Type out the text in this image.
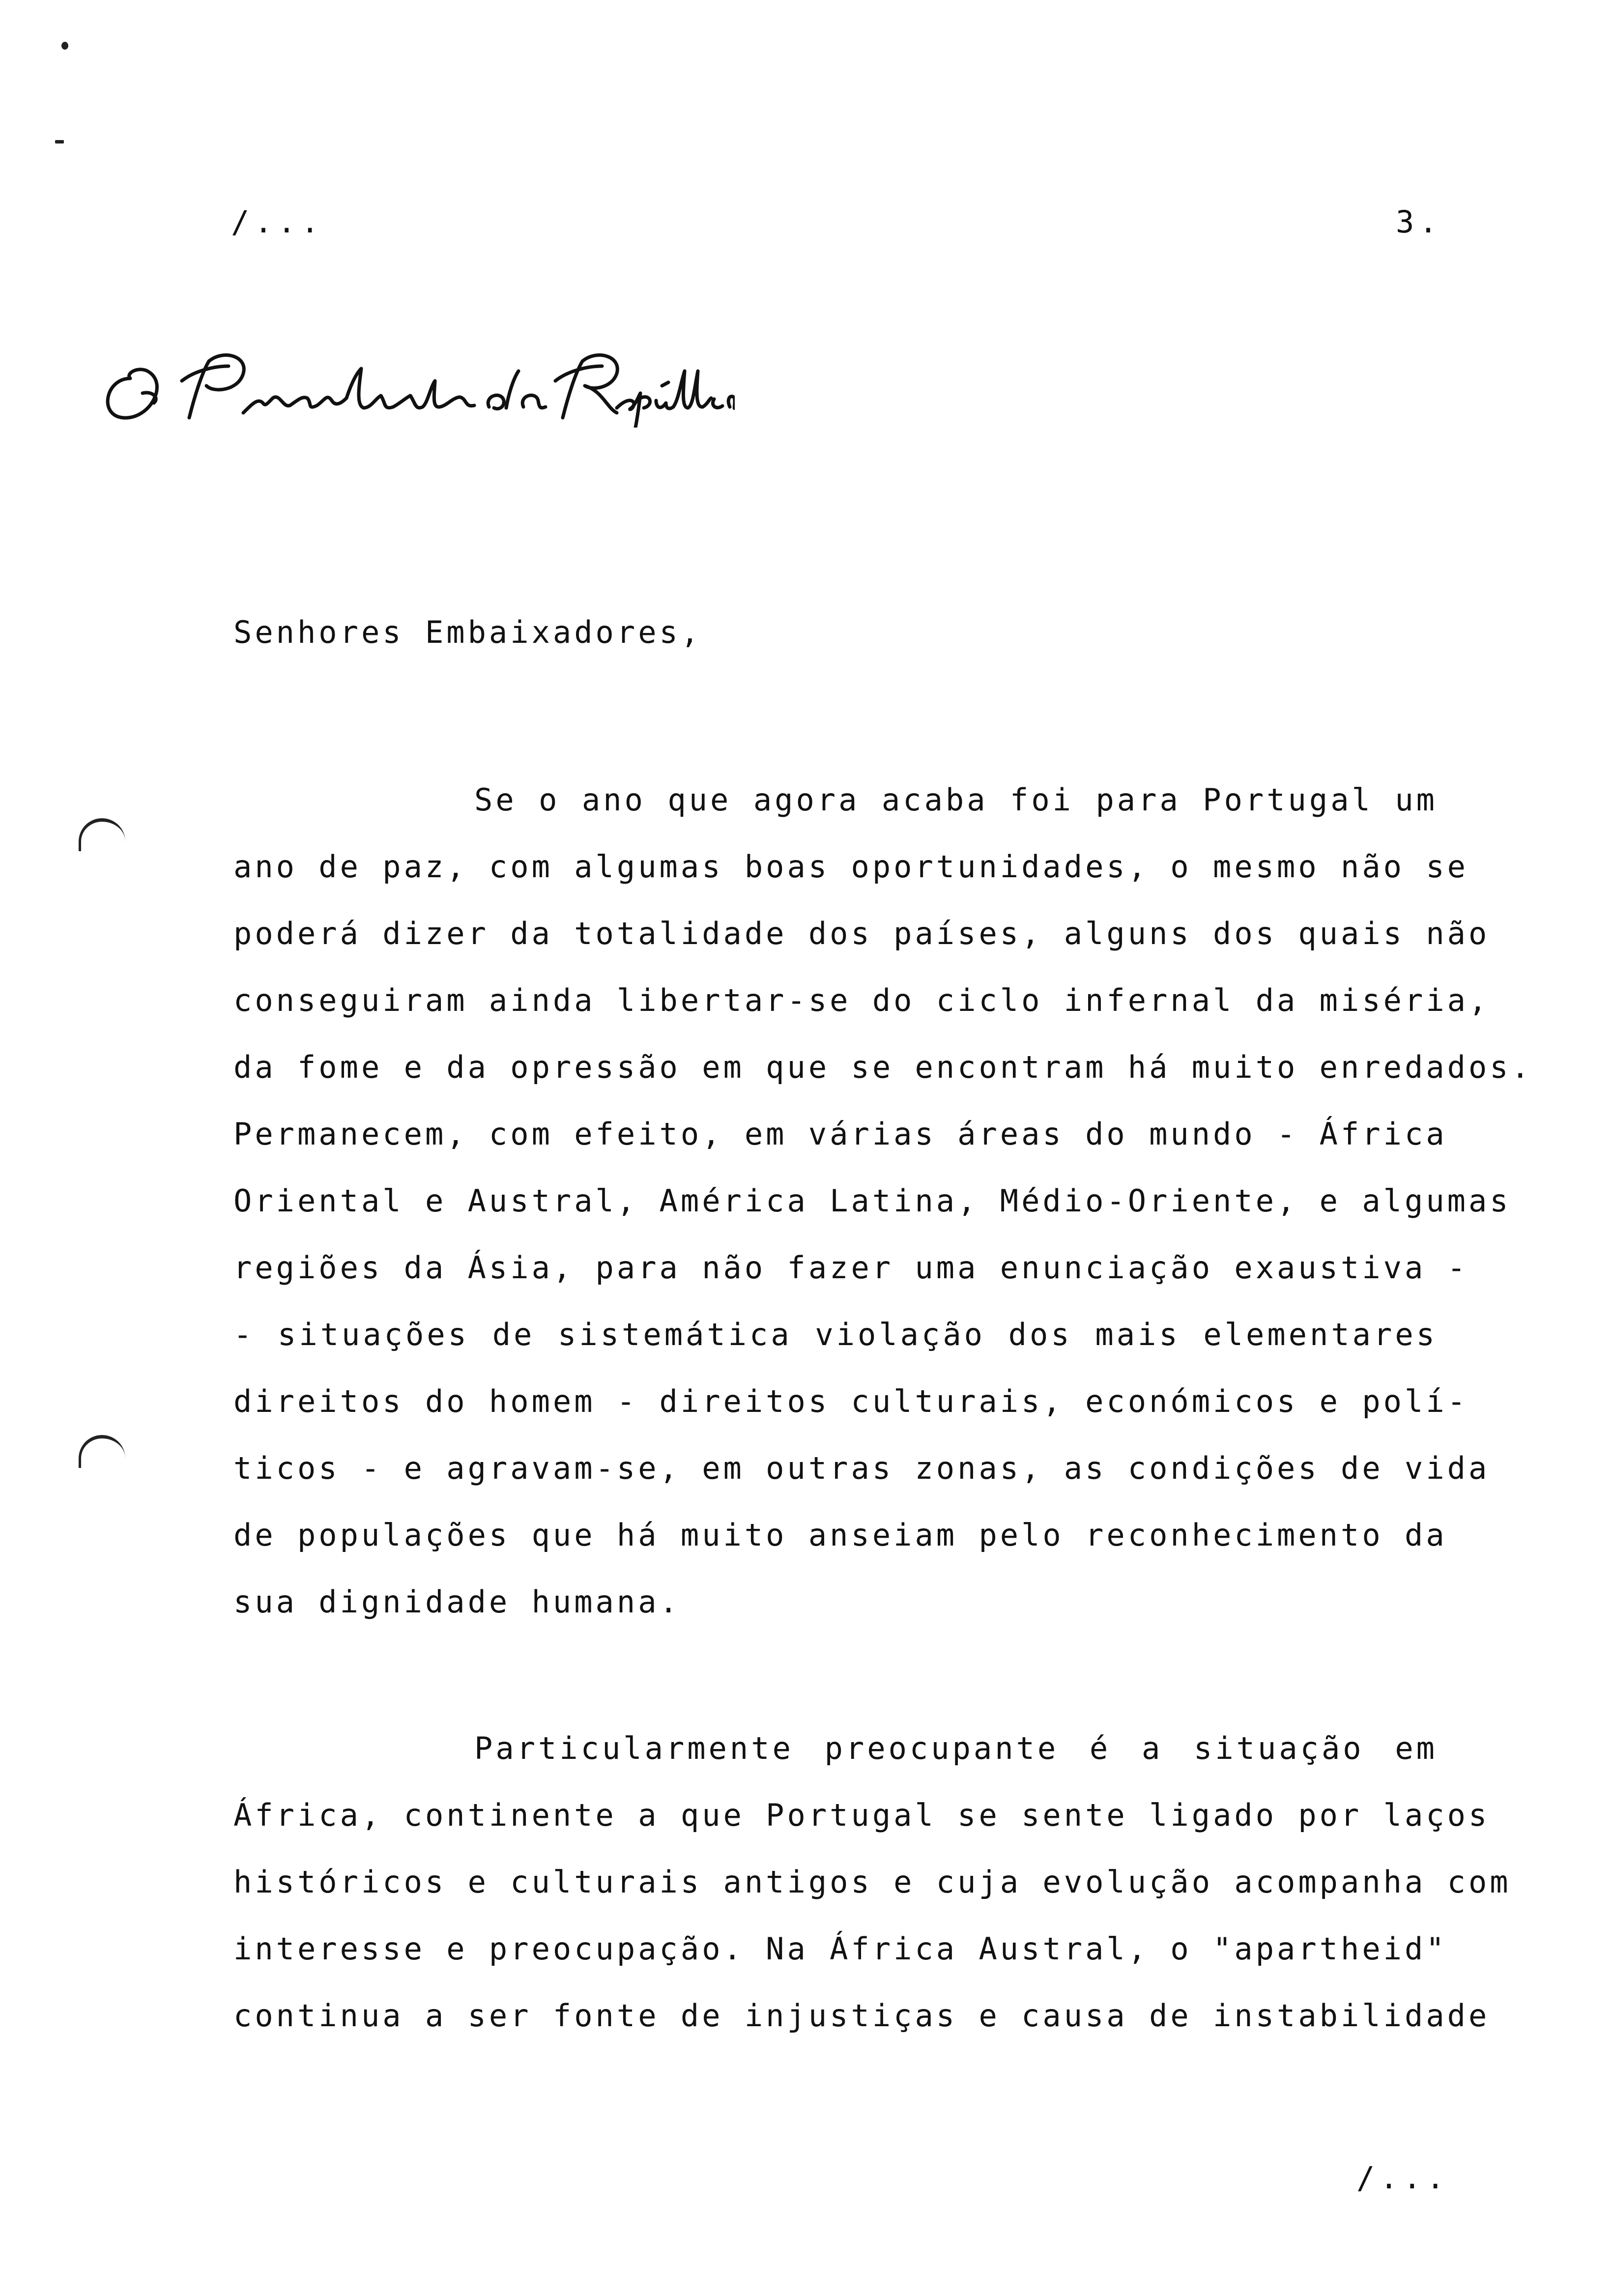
/...	3.
Senhores Embaixadores,
Se o ano que agora acaba foi para Portugal um
ano de paz, com algumas boas oportunidades, o mesmo não se
poderá dizer da totalidade dos países, alguns dos quais não
conseguiram ainda libertar-se do ciclo infernal da miséria,
da fome e da opressão em que se encontram há muito enredados.
Permanecem, com efeito, em várias áreas do mundo - África
Oriental e Austral, América Latina, Médio-Oriente, e algumas
regiões da Ásia, para não fazer uma enunciação exaustiva -
- situações de sistemática violação dos mais elementares
direitos do homem - direitos culturais, económicos e polí-
ticos - e agravam-se, em outras zonas, as condições de vida
de populações que há muito anseiam pelo reconhecimento da
sua dignidade humana.
Particularmente preocupante é a situação em
África, continente a que Portugal se sente ligado por laços
históricos e culturais antigos e cuja evolução acompanha com
interesse e preocupação. Na África Austral, o "apartheid"
continua a ser fonte de injustiças e causa de instabilidade
/...
